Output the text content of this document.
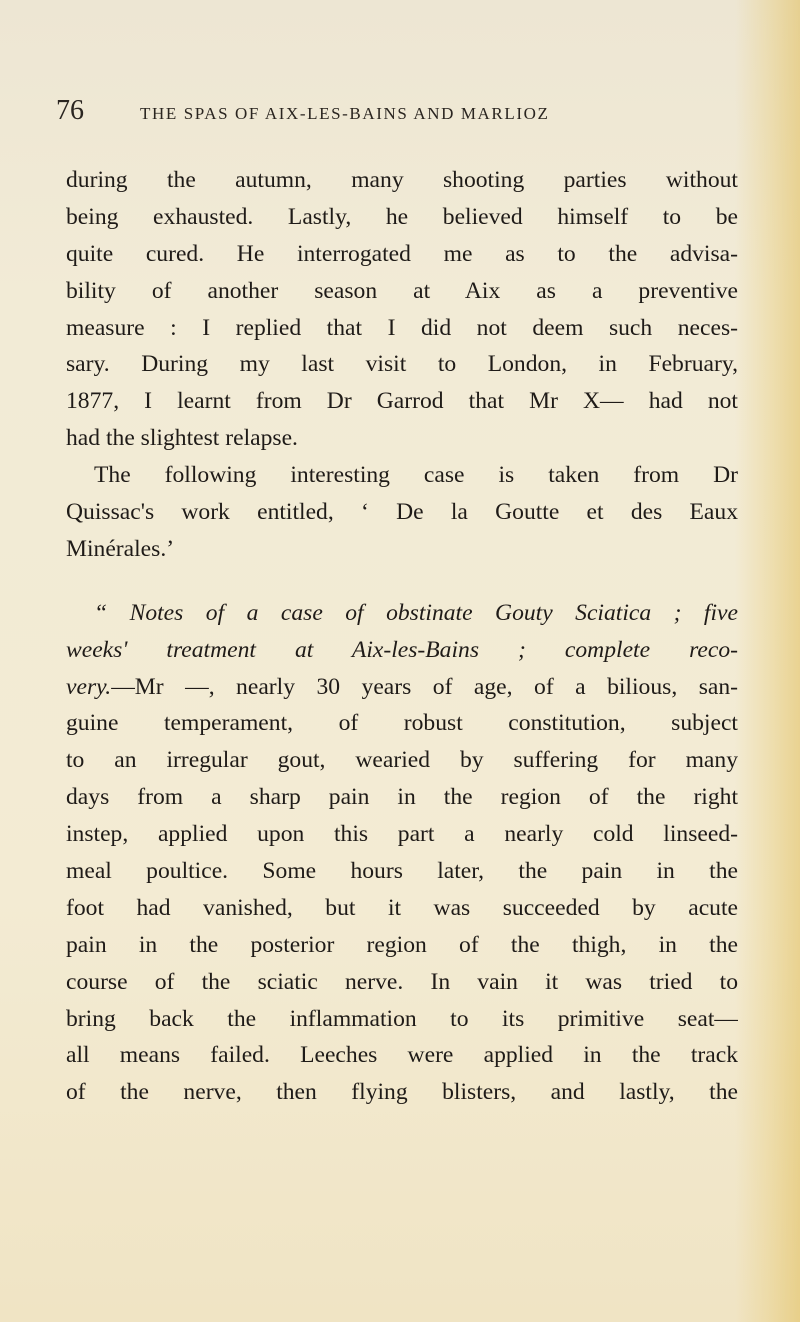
76	THE SPAS OF AIX-LES-BAINS AND MARLIOZ
during the autumn, many shooting parties without
being exhausted. Lastly, he believed himself to be
quite cured. He interrogated me as to the advisa-
bility of another season at Aix as a preventive
measure : I replied that I did not deem such neces-
sary. During my last visit to London, in February,
1877, I learnt from Dr Garrod that Mr X— had not
had the slightest relapse.
The following interesting case is taken from Dr
Quissac's work entitled, ‘ De la Goutte et des Eaux
Minérales.’
“ Notes of a case of obstinate Gouty Sciatica ; five
weeks' treatment at Aix-les-Bains ; complete reco-
very.—Mr —, nearly 30 years of age, of a bilious, san-
guine temperament, of robust constitution, subject
to an irregular gout, wearied by suffering for many
days from a sharp pain in the region of the right
instep, applied upon this part a nearly cold linseed-
meal poultice. Some hours later, the pain in the
foot had vanished, but it was succeeded by acute
pain in the posterior region of the thigh, in the
course of the sciatic nerve. In vain it was tried to
bring back the inflammation to its primitive seat—
all means failed. Leeches were applied in the track
of the nerve, then flying blisters, and lastly, the
